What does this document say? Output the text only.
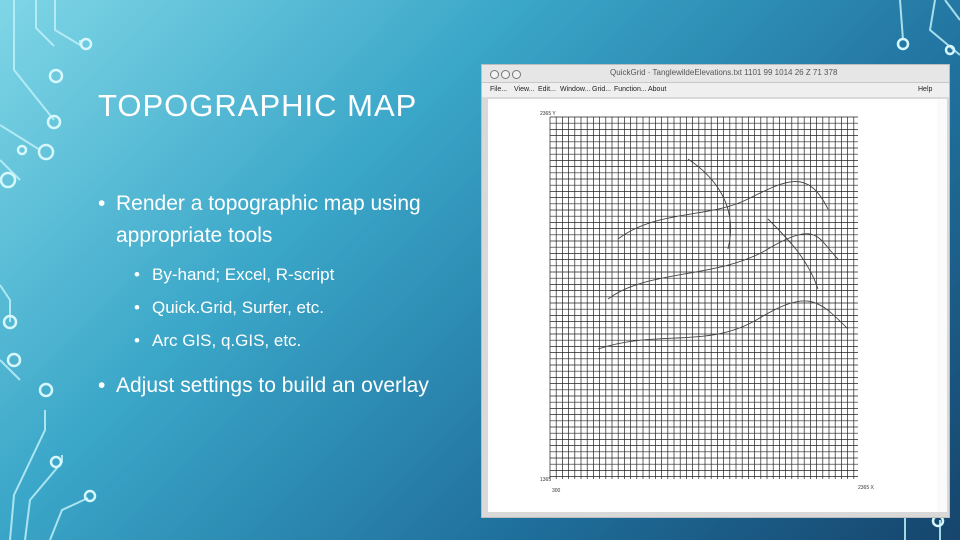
TOPOGRAPHIC MAP
• Render a topographic map using appropriate tools
• By-hand; Excel, R-script
• Quick.Grid, Surfer, etc.
• Arc GIS, q.GIS, etc.
• Adjust settings to build an overlay
QuickGrid · TanglewildeElevations.txt 1101 99 1014 26 Z 71 378
File... View... Edit... Window... Grid... Function... About	Help
2365 Y
1365
300	2365 X
